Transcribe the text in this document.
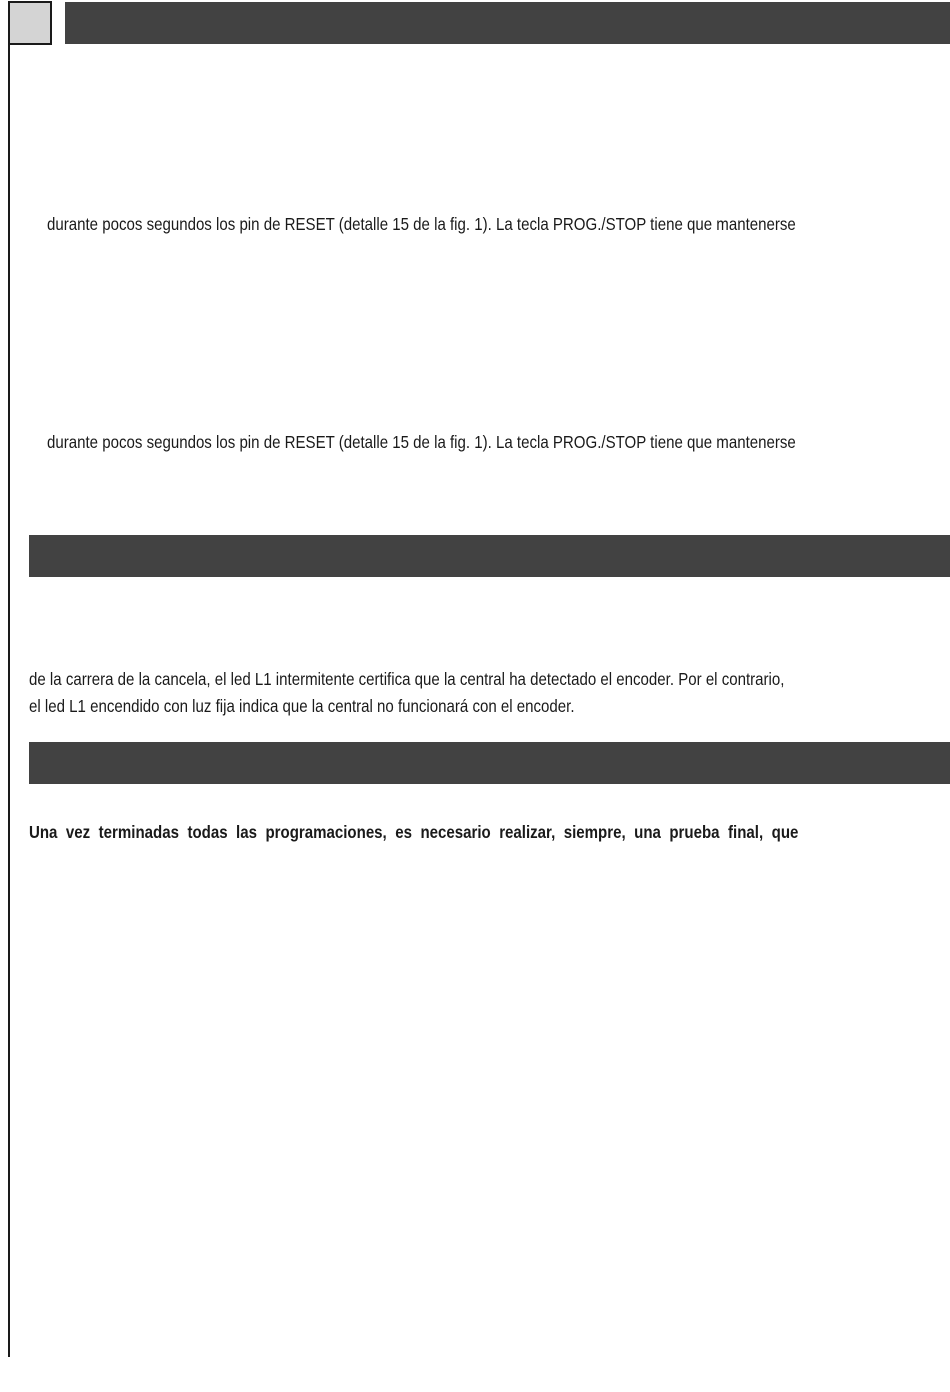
durante pocos segundos los pin de RESET (detalle 15 de la fig. 1). La tecla PROG./STOP tiene que mantenerse

durante pocos segundos los pin de RESET (detalle 15 de la fig. 1). La tecla PROG./STOP tiene que mantenerse

de la carrera de la cancela, el led L1 intermitente certifica que la central ha detectado el encoder. Por el contrario,

el led L1 encendido con luz fija indica que la central no funcionará con el encoder.

Una vez terminadas todas las programaciones, es necesario realizar, siempre, una prueba final, que
